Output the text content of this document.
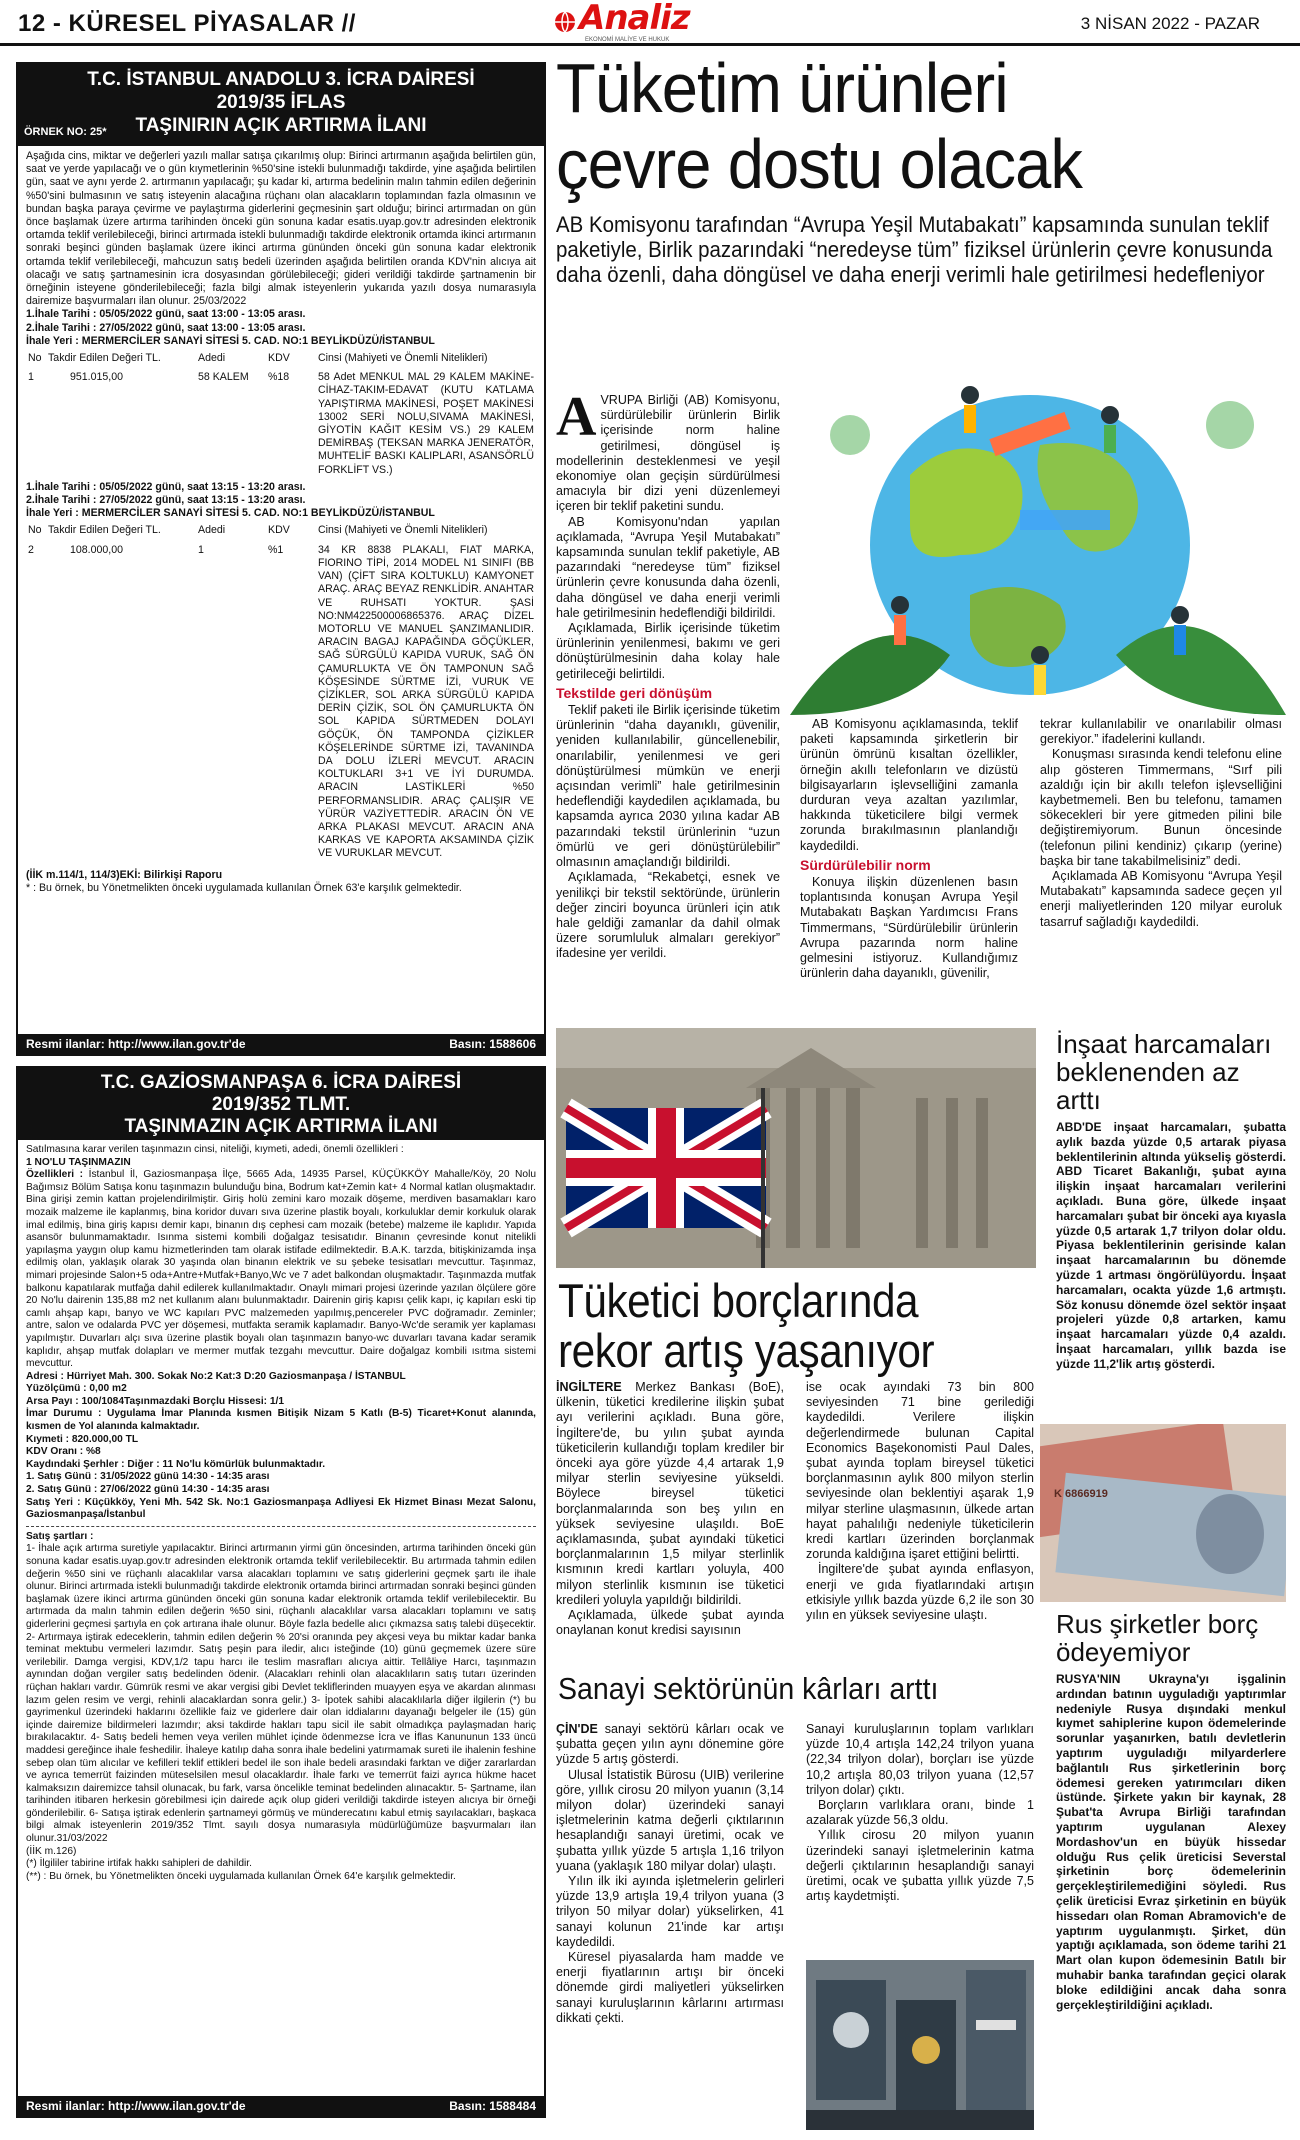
12 - KÜRESEL PİYASALAR //	Analiz
EKONOMİ MALİYE VE HUKUK
3 NİSAN 2022 - PAZAR
T.C. İSTANBUL ANADOLU 3. İCRA DAİRESİ
2019/35 İFLAS
TAŞINIRIN AÇIK ARTIRMA İLANI
ÖRNEK NO: 25*

Aşağıda cins, miktar ve değerleri yazılı mallar satışa çıkarılmış olup: Birinci artırmanın aşağıda belirtilen gün, saat ve yerde yapılacağı ve o gün kıymetlerinin %50'sine istekli bulunmadığı takdirde, yine aşağıda belirtilen gün, saat ve aynı yerde 2. artırmanın yapılacağı; şu kadar ki, artırma bedelinin malın tahmin edilen değerinin %50'sini bulmasının ve satış isteyenin alacağına rüçhanı olan alacakların toplamından fazla olmasının ve bundan başka paraya çevirme ve paylaştırma giderlerini geçmesinin şart olduğu; birinci artırmadan on gün önce başlamak üzere artırma tarihinden önceki gün sonuna kadar esatis.uyap.gov.tr adresinden elektronik ortamda teklif verilebileceği, birinci artırmada istekli bulunmadığı takdirde elektronik ortamda ikinci artırmanın sonraki beşinci günden başlamak üzere ikinci artırma gününden önceki gün sonuna kadar elektronik ortamda teklif verilebileceği, mahcuzun satış bedeli üzerinden aşağıda belirtilen oranda KDV'nin alıcıya ait olacağı ve satış şartnamesinin icra dosyasından görülebileceği; gideri verildiği takdirde şartnamenin bir örneğinin isteyene gönderilebileceği; fazla bilgi almak isteyenlerin yukarıda yazılı dosya numarasıyla dairemize başvurmaları ilan olunur. 25/03/2022

1.İhale Tarihi : 05/05/2022 günü, saat 13:00 - 13:05 arası.

2.İhale Tarihi : 27/05/2022 günü, saat 13:00 - 13:05 arası.

İhale Yeri : MERMERCİLER SANAYİ SİTESİ 5. CAD. NO:1 BEYLİKDÜZÜ/İSTANBUL

No	Takdir Edilen Değeri TL.	Adedi	KDV	Cinsi (Mahiyeti ve Önemli Nitelikleri)

1	951.015,00	58 KALEM	%18	58 Adet MENKUL MAL 29 KALEM MAKİNE-CİHAZ-TAKIM-EDAVAT (KUTU KATLAMA YAPIŞTIRMA MAKİNESİ, POŞET MAKİNESİ 13002 SERİ NOLU,SIVAMA MAKİNESİ, GİYOTİN KAĞIT KESİM VS.) 29 KALEM DEMİRBAŞ (TEKSAN MARKA JENERATÖR, MUHTELİF BASKI KALIPLARI, ASANSÖRLÜ FORKLİFT VS.)

1.İhale Tarihi : 05/05/2022 günü, saat 13:15 - 13:20 arası.

2.İhale Tarihi : 27/05/2022 günü, saat 13:15 - 13:20 arası.

İhale Yeri : MERMERCİLER SANAYİ SİTESİ 5. CAD. NO:1 BEYLİKDÜZÜ/İSTANBUL

No	Takdir Edilen Değeri TL.	Adedi	KDV	Cinsi (Mahiyeti ve Önemli Nitelikleri)

2	108.000,00	1	%1	34 KR 8838 PLAKALI, FIAT MARKA, FIORINO TİPİ, 2014 MODEL N1 SINIFI (BB VAN) (ÇİFT SIRA KOLTUKLU) KAMYONET ARAÇ. ARAÇ BEYAZ RENKLİDİR. ANAHTAR VE RUHSATI YOKTUR. ŞASİ NO:NM422500006865376. ARAÇ DİZEL MOTORLU VE MANUEL ŞANZIMANLIDIR. ARACIN BAGAJ KAPAĞINDA GÖÇÜKLER, SAĞ SÜRGÜLÜ KAPIDA VURUK, SAĞ ÖN ÇAMURLUKTA VE ÖN TAMPONUN SAĞ KÖŞESİNDE SÜRTME İZİ, VURUK VE ÇİZİKLER, SOL ARKA SÜRGÜLÜ KAPIDA DERİN ÇİZİK, SOL ÖN ÇAMURLUKTA ÖN SOL KAPIDA SÜRTMEDEN DOLAYI GÖÇÜK, ÖN TAMPONDA ÇİZİKLER KÖŞELERİNDE SÜRTME İZİ, TAVANINDA DA DOLU İZLERİ MEVCUT. ARACIN KOLTUKLARI 3+1 VE İYİ DURUMDA. ARACIN LASTİKLERİ %50 PERFORMANSLIDIR. ARAÇ ÇALIŞIR VE YÜRÜR VAZİYETTEDİR. ARACIN ÖN VE ARKA PLAKASI MEVCUT. ARACIN ANA KARKAS VE KAPORTA AKSAMINDA ÇİZİK VE VURUKLAR MEVCUT.

(İİK m.114/1, 114/3)EKİ: Bilirkişi Raporu

* : Bu örnek, bu Yönetmelikten önceki uygulamada kullanılan Örnek 63'e karşılık gelmektedir.

Resmi ilanlar: http://www.ilan.gov.tr'de	Basın: 1588606
T.C. GAZİOSMANPAŞA 6. İCRA DAİRESİ
2019/352 TLMT.
TAŞINMAZIN AÇIK ARTIRMA İLANI

Satılmasına karar verilen taşınmazın cinsi, niteliği, kıymeti, adedi, önemli özellikleri :

1 NO'LU TAŞINMAZIN

Özellikleri : İstanbul İl, Gaziosmanpaşa İlçe, 5665 Ada, 14935 Parsel, KÜÇÜKKÖY Mahalle/Köy, 20 Nolu Bağımsız Bölüm Satışa konu taşınmazın bulunduğu bina, Bodrum kat+Zemin kat+ 4 Normal katlan oluşmaktadır. Bina girişi zemin kattan projelendirilmiştir. Giriş holü zemini karo mozaik döşeme, merdiven basamakları karo mozaik malzeme ile kaplanmış, bina koridor duvarı sıva üzerine plastik boyalı, korkuluklar demir korkuluk olarak imal edilmiş, bina giriş kapısı demir kapı, binanın dış cephesi cam mozaik (betebe) malzeme ile kaplıdır. Yapıda asansör bulunmamaktadır. Isınma sistemi kombili doğalgaz tesisatıdır. Binanın çevresinde konut nitelikli yapılaşma yaygın olup kamu hizmetlerinden tam olarak istifade edilmektedir. B.A.K. tarzda, bitişkinizamda inşa edilmiş olan, yaklaşık olarak 30 yaşında olan binanın elektrik ve su şebeke tesisatları mevcuttur. Taşınmaz, mimari projesinde Salon+5 oda+Antre+Mutfak+Banyo,Wc ve 7 adet balkondan oluşmaktadır. Taşınmazda mutfak balkonu kapatılarak mutfağa dahil edilerek kullanılmaktadır. Onaylı mimari projesi üzerinde yazılan ölçülere göre 20 No'lu dairenin 135,88 m2 net kullanım alanı bulunmaktadır. Dairenin giriş kapısı çelik kapı, iç kapıları eski tip camlı ahşap kapı, banyo ve WC kapıları PVC malzemeden yapılmış,pencereler PVC doğramadır. Zeminler; antre, salon ve odalarda PVC yer döşemesi, mutfakta seramik kaplamadır. Banyo-Wc'de seramik yer kaplaması yapılmıştır. Duvarları alçı sıva üzerine plastik boyalı olan taşınmazın banyo-wc duvarları tavana kadar seramik kaplıdır, ahşap mutfak dolapları ve mermer mutfak tezgahı mevcuttur. Daire doğalgaz kombili ısıtma sistemi mevcuttur.

Adresi : Hürriyet Mah. 300. Sokak No:2 Kat:3 D:20 Gaziosmanpaşa / İSTANBUL

Yüzölçümü : 0,00 m2

Arsa Payı : 100/1084Taşınmazdaki Borçlu Hissesi: 1/1

İmar Durumu : Uygulama İmar Planında kısmen Bitişik Nizam 5 Katlı (B-5) Ticaret+Konut alanında, kısmen de Yol alanında kalmaktadır.

Kıymeti : 820.000,00 TL

KDV Oranı : %8

Kaydındaki Şerhler : Diğer : 11 No'lu kömürlük bulunmaktadır.

1. Satış Günü : 31/05/2022 günü 14:30 - 14:35 arası

2. Satış Günü : 27/06/2022 günü 14:30 - 14:35 arası

Satış Yeri : Küçükköy, Yeni Mh. 542 Sk. No:1 Gaziosmanpaşa Adliyesi Ek Hizmet Binası Mezat Salonu, Gaziosmanpaşa/İstanbul

Satış şartları :

1- İhale açık artırma suretiyle yapılacaktır. Birinci artırmanın yirmi gün öncesinden, artırma tarihinden önceki gün sonuna kadar esatis.uyap.gov.tr adresinden elektronik ortamda teklif verilebilecektir. Bu artırmada tahmin edilen değerin %50 sini ve rüçhanlı alacaklılar varsa alacakları toplamını ve satış giderlerini geçmek şartı ile ihale olunur. Birinci artırmada istekli bulunmadığı takdirde elektronik ortamda birinci artırmadan sonraki beşinci günden başlamak üzere ikinci artırma gününden önceki gün sonuna kadar elektronik ortamda teklif verilebilecektir. Bu artırmada da malın tahmin edilen değerin %50 sini, rüçhanlı alacaklılar varsa alacakları toplamını ve satış giderlerini geçmesi şartıyla en çok artırana ihale olunur. Böyle fazla bedelle alıcı çıkmazsa satış talebi düşecektir. 2- Artırmaya iştirak edeceklerin, tahmin edilen değerin % 20'si oranında pey akçesi veya bu miktar kadar banka teminat mektubu vermeleri lazımdır. Satış peşin para iledir, alıcı isteğinde (10) günü geçmemek üzere süre verilebilir. Damga vergisi, KDV,1/2 tapu harcı ile teslim masrafları alıcıya aittir. Tellâliye Harcı, taşınmazın aynından doğan vergiler satış bedelinden ödenir. (Alacakları rehinli olan alacaklıların satış tutarı üzerinden rüçhan hakları vardır. Gümrük resmi ve akar vergisi gibi Devlet tekliflerinden muayyen eşya ve akardan alınması lazım gelen resim ve vergi, rehinli alacaklardan sonra gelir.) 3- İpotek sahibi alacaklılarla diğer ilgilerin (*) bu gayrimenkul üzerindeki haklarını özellikle faiz ve giderlere dair olan iddialarını dayanağı belgeler ile (15) gün içinde dairemize bildirmeleri lazımdır; aksi takdirde hakları tapu sicil ile sabit olmadıkça paylaşmadan hariç bırakılacaktır. 4- Satış bedeli hemen veya verilen mühlet içinde ödenmezse İcra ve İflas Kanununun 133 üncü maddesi gereğince ihale feshedilir. İhaleye katılıp daha sonra ihale bedelini yatırmamak sureti ile ihalenin feshine sebep olan tüm alıcılar ve kefilleri teklif ettikleri bedel ile son ihale bedeli arasındaki farktan ve diğer zararlardan ve ayrıca temerrüt faizinden müteselsilen mesul olacaklardır. İhale farkı ve temerrüt faizi ayrıca hükme hacet kalmaksızın dairemizce tahsil olunacak, bu fark, varsa öncelikle teminat bedelinden alınacaktır. 5- Şartname, ilan tarihinden itibaren herkesin görebilmesi için dairede açık olup gideri verildiği takdirde isteyen alıcıya bir örneği gönderilebilir. 6- Satışa iştirak edenlerin şartnameyi görmüş ve münderecatını kabul etmiş sayılacakları, başkaca bilgi almak isteyenlerin 2019/352 Tlmt. sayılı dosya numarasıyla müdürlüğümüze başvurmaları ilan olunur.31/03/2022

(İİK m.126)

(*) İlgililer tabirine irtifak hakkı sahipleri de dahildir.

(**) : Bu örnek, bu Yönetmelikten önceki uygulamada kullanılan Örnek 64'e karşılık gelmektedir.

Resmi ilanlar: http://www.ilan.gov.tr'de	Basın: 1588484
Tüketim ürünleri
çevre dostu olacak
AB Komisyonu tarafından “Avrupa Yeşil Mutabakatı” kapsamında sunulan teklif paketiyle, Birlik pazarındaki “neredeyse tüm” fiziksel ürünlerin çevre konusunda daha özenli, daha döngüsel ve daha enerji verimli hale getirilmesi hedefleniyor
A VRUPA Birliği (AB) Komisyonu, sürdürülebilir ürünlerin Birlik içerisinde norm haline getirilmesi, döngüsel iş modellerinin desteklenmesi ve yeşil ekonomiye olan geçişin sürdürülmesi amacıyla bir dizi yeni düzenlemeyi içeren bir teklif paketini sundu.

AB Komisyonu'ndan yapılan açıklamada, “Avrupa Yeşil Mutabakatı” kapsamında sunulan teklif paketiyle, AB pazarındaki “neredeyse tüm” fiziksel ürünlerin çevre konusunda daha özenli, daha döngüsel ve daha enerji verimli hale getirilmesinin hedeflendiği bildirildi.

Açıklamada, Birlik içerisinde tüketim ürünlerinin yenilenmesi, bakımı ve geri dönüştürülmesinin daha kolay hale getirileceği belirtildi.

Tekstilde geri dönüşüm

Teklif paketi ile Birlik içerisinde tüketim ürünlerinin “daha dayanıklı, güvenilir, yeniden kullanılabilir, güncellenebilir, onarılabilir, yenilenmesi ve geri dönüştürülmesi mümkün ve enerji açısından verimli” hale getirilmesinin hedeflendiği kaydedilen açıklamada, bu kapsamda ayrıca 2030 yılına kadar AB pazarındaki tekstil ürünlerinin “uzun ömürlü ve geri dönüştürülebilir” olmasının amaçlandığı bildirildi.

Açıklamada, “Rekabetçi, esnek ve yenilikçi bir tekstil sektöründe, ürünlerin değer zinciri boyunca ürünleri için atık hale geldiği zamanlar da dahil olmak üzere sorumluluk almaları gerekiyor” ifadesine yer verildi.

AB Komisyonu açıklamasında, teklif paketi kapsamında şirketlerin bir ürünün ömrünü kısaltan özellikler, örneğin akıllı telefonların ve dizüstü bilgisayarların işlevselliğini zamanla durduran veya azaltan yazılımlar, hakkında tüketicilere bilgi vermek zorunda bırakılmasının planlandığı kaydedildi.

Sürdürülebilir norm

Konuya ilişkin düzenlenen basın toplantısında konuşan Avrupa Yeşil Mutabakatı Başkan Yardımcısı Frans Timmermans, “Sürdürülebilir ürünlerin Avrupa pazarında norm haline gelmesini istiyoruz. Kullandığımız ürünlerin daha dayanıklı, güvenilir,

tekrar kullanılabilir ve onarılabilir olması gerekiyor.” ifadelerini kullandı.

Konuşması sırasında kendi telefonu eline alıp gösteren Timmermans, “Sırf pili azaldığı için bir akıllı telefon işlevselliğini kaybetmemeli. Ben bu telefonu, tamamen sökecekleri bir yere gitmeden pilini bile değiştiremiyorum. Bunun öncesinde (telefonun pilini kendiniz) çıkarıp (yerine) başka bir tane takabilmelisiniz” dedi.

Açıklamada AB Komisyonu “Avrupa Yeşil Mutabakatı” kapsamında sadece geçen yıl enerji maliyetlerinden 120 milyar euroluk tasarruf sağladığı kaydedildi.

Tüketici borçlarında
rekor artış yaşanıyor

İNGİLTERE Merkez Bankası (BoE), ülkenin, tüketici kredilerine ilişkin şubat ayı verilerini açıkladı. Buna göre, İngiltere'de, bu yılın şubat ayında tüketicilerin kullandığı toplam krediler bir önceki aya göre yüzde 4,4 artarak 1,9 milyar sterlin seviyesine yükseldi. Böylece bireysel tüketici borçlanmalarında son beş yılın en yüksek seviyesine ulaşıldı. BoE açıklamasında, şubat ayındaki tüketici borçlanmalarının 1,5 milyar sterlinlik kısmının kredi kartları yoluyla, 400 milyon sterlinlik kısmının ise tüketici kredileri yoluyla yapıldığı bildirildi.

Açıklamada, ülkede şubat ayında onaylanan konut kredisi sayısının

ise ocak ayındaki 73 bin 800 seviyesinden 71 bine gerilediği kaydedildi. Verilere ilişkin değerlendirmede bulunan Capital Economics Başekonomisti Paul Dales, şubat ayında toplam bireysel tüketici borçlanmasının aylık 800 milyon sterlin seviyesinde olan beklentiyi aşarak 1,9 milyar sterline ulaşmasının, ülkede artan hayat pahalılığı nedeniyle tüketicilerin kredi kartları üzerinden borçlanmak zorunda kaldığına işaret ettiğini belirtti.

İngiltere'de şubat ayında enflasyon, enerji ve gıda fiyatlarındaki artışın etkisiyle yıllık bazda yüzde 6,2 ile son 30 yılın en yüksek seviyesine ulaştı.

Sanayi sektörünün kârları arttı

ÇİN'DE sanayi sektörü kârları ocak ve şubatta geçen yılın aynı dönemine göre yüzde 5 artış gösterdi.

Ulusal İstatistik Bürosu (UIB) verilerine göre, yıllık cirosu 20 milyon yuanın (3,14 milyon dolar) üzerindeki sanayi işletmelerinin katma değerli çıktılarının hesaplandığı sanayi üretimi, ocak ve şubatta yıllık yüzde 5 artışla 1,16 trilyon yuana (yaklaşık 180 milyar dolar) ulaştı.

Yılın ilk iki ayında işletmelerin gelirleri yüzde 13,9 artışla 19,4 trilyon yuana (3 trilyon 50 milyar dolar) yükselirken, 41 sanayi kolunun 21'inde kar artışı kaydedildi.

Küresel piyasalarda ham madde ve enerji fiyatlarının artışı bir önceki dönemde girdi maliyetleri yükselirken sanayi kuruluşlarının kârlarını artırması dikkati çekti.

Sanayi kuruluşlarının toplam varlıkları yüzde 10,4 artışla 142,24 trilyon yuana (22,34 trilyon dolar), borçları ise yüzde 10,2 artışla 80,03 trilyon yuana (12,57 trilyon dolar) çıktı.

Borçların varlıklara oranı, binde 1 azalarak yüzde 56,3 oldu.

Yıllık cirosu 20 milyon yuanın üzerindeki sanayi işletmelerinin katma değerli çıktılarının hesaplandığı sanayi üretimi, ocak ve şubatta yıllık yüzde 7,5 artış kaydetmişti.

İnşaat harcamaları beklenenden az arttı

ABD'DE inşaat harcamaları, şubatta aylık bazda yüzde 0,5 artarak piyasa beklentilerinin altında yükseliş gösterdi. ABD Ticaret Bakanlığı, şubat ayına ilişkin inşaat harcamaları verilerini açıkladı. Buna göre, ülkede inşaat harcamaları şubat bir önceki aya kıyasla yüzde 0,5 artarak 1,7 trilyon dolar oldu. Piyasa beklentilerinin gerisinde kalan inşaat harcamalarının bu dönemde yüzde 1 artması öngörülüyordu. İnşaat harcamaları, ocakta yüzde 1,6 artmıştı. Söz konusu dönemde özel sektör inşaat projeleri yüzde 0,8 artarken, kamu inşaat harcamaları yüzde 0,4 azaldı. İnşaat harcamaları, yıllık bazda ise yüzde 11,2'lik artış gösterdi.

K 6866919
Rus şirketler borç ödeyemiyor

RUSYA'NIN Ukrayna'yı işgalinin ardından batının uyguladığı yaptırımlar nedeniyle Rusya dışındaki menkul kıymet sahiplerine kupon ödemelerinde sorunlar yaşanırken, batılı devletlerin yaptırım uyguladığı milyarderlere bağlantılı Rus şirketlerinin borç ödemesi gereken yatırımcıları diken üstünde. Şirkete yakın bir kaynak, 28 Şubat'ta Avrupa Birliği tarafından yaptırım uygulanan Alexey Mordashov'un en büyük hissedar olduğu Rus çelik üreticisi Severstal şirketinin borç ödemelerinin gerçekleştirilemediğini söyledi. Rus çelik üreticisi Evraz şirketinin en büyük hissedarı olan Roman Abramovich'e de yaptırım uygulanmıştı. Şirket, dün yaptığı açıklamada, son ödeme tarihi 21 Mart olan kupon ödemesinin Batılı bir muhabir banka tarafından geçici olarak bloke edildiğini ancak daha sonra gerçekleştirildiğini açıkladı.
